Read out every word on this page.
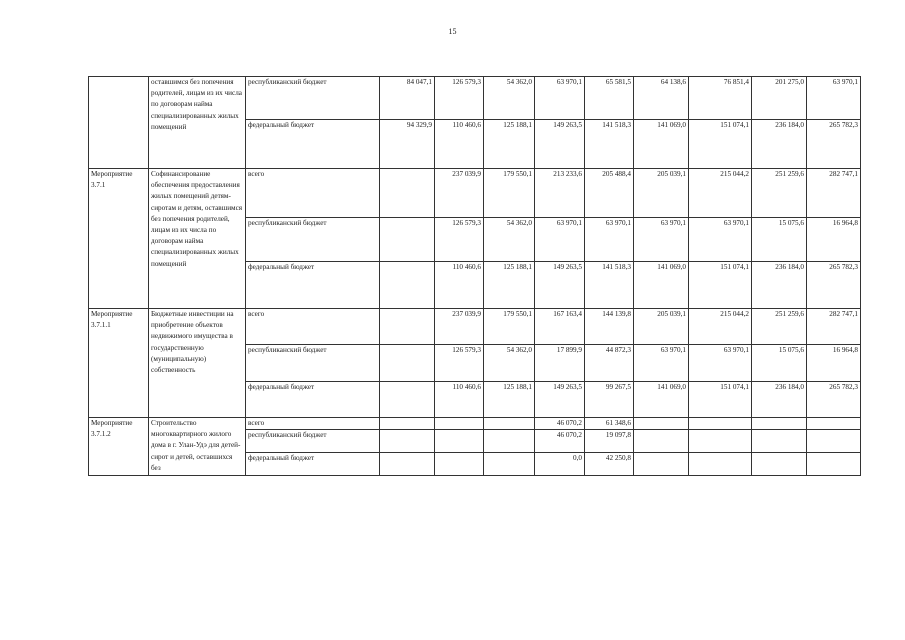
15
	оставшимся без попечения родителей, лицам из их числа по договорам найма специализированных жилых помещений	республиканский бюджет	84 047,1	126 579,3	54 362,0	63 970,1	65 581,5	64 138,6	76 851,4	201 275,0	63 970,1	
		федеральный бюджет	94 329,9	110 460,6	125 188,1	149 263,5	141 518,3	141 069,0	151 074,1	236 184,0	265 782,3	

Мероприятие 3.7.1	Софинансирование обеспечения предоставления жилых помещений детям-сиротам и детям, оставшимся без попечения родителей, лицам из их числа по договорам найма специализированных жилых помещений	всего		237 039,9	179 550,1	213 233,6	205 488,4	205 039,1	215 044,2	251 259,6	282 747,1	
		республиканский бюджет		126 579,3	54 362,0	63 970,1	63 970,1	63 970,1	63 970,1	15 075,6	16 964,8	
		федеральный бюджет		110 460,6	125 188,1	149 263,5	141 518,3	141 069,0	151 074,1	236 184,0	265 782,3	

Мероприятие 3.7.1.1	Бюджетные инвестиции на приобретение объектов недвижимого имущества в государственную (муниципальную) собственность	всего		237 039,9	179 550,1	167 163,4	144 139,8	205 039,1	215 044,2	251 259,6	282 747,1	
		республиканский бюджет		126 579,3	54 362,0	17 899,9	44 872,3	63 970,1	63 970,1	15 075,6	16 964,8	
		федеральный бюджет		110 460,6	125 188,1	149 263,5	99 267,5	141 069,0	151 074,1	236 184,0	265 782,3	

Мероприятие 3.7.1.2	Строительство многоквартирного жилого дома в г. Улан-Удэ для детей-сирот и детей, оставшихся без	всего				46 070,2	61 348,6					
		республиканский бюджет				46 070,2	19 097,8					
		федеральный бюджет				0,0	42 250,8					
